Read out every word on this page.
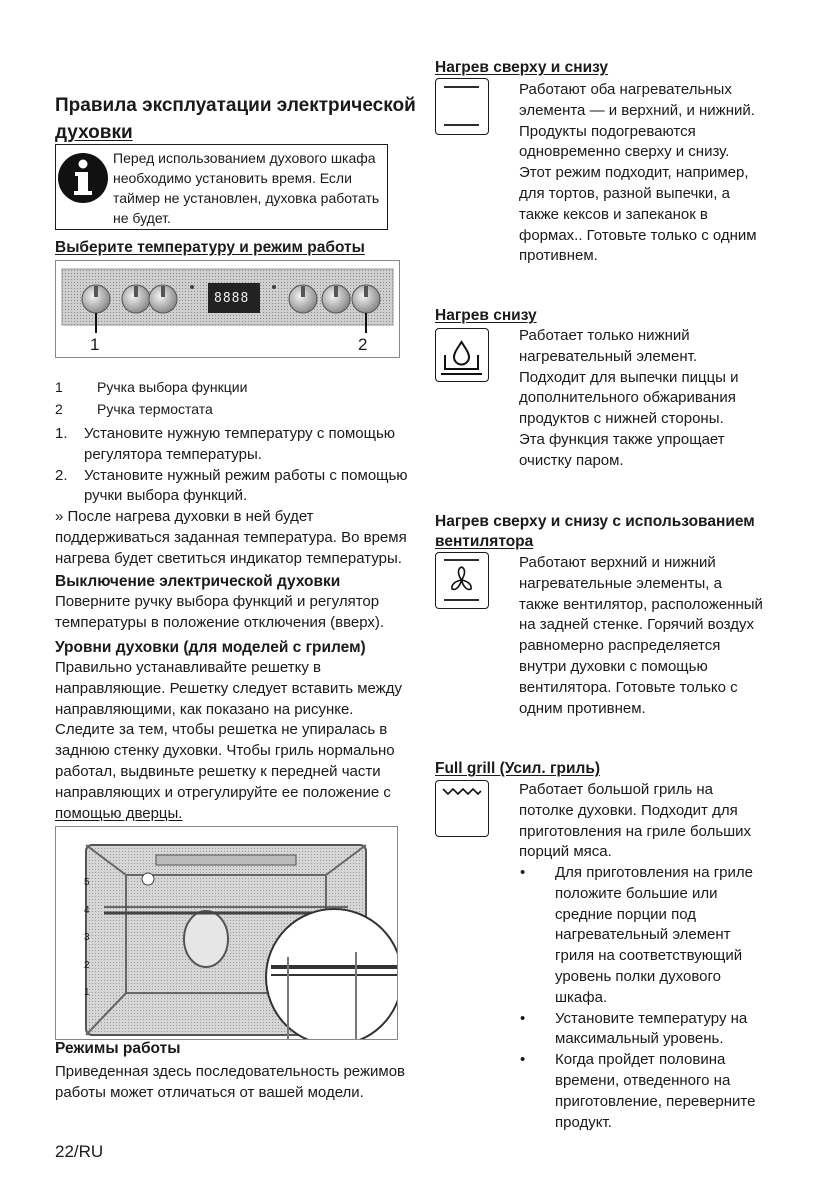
Правила эксплуатации электрической
духовки
Перед использованием духового шкафа
необходимо установить время. Если
таймер не установлен, духовка работать
не будет.
Выберите температуру и режим работы
8888
1	2
1 Ручка выбора функции
2 Ручка термостата
1. Установите нужную температуру с помощью
регулятора температуры.
2. Установите нужный режим работы с помощью
ручки выбора функций.
» После нагрева духовки в ней будет
поддерживаться заданная температура. Во время
нагрева будет светиться индикатор температуры.
Выключение электрической духовки
Поверните ручку выбора функций и регулятор
температуры в положение отключения (вверх).
Уровни духовки (для моделей с грилем)
Правильно устанавливайте решетку в
направляющие. Решетку следует вставить между
направляющими, как показано на рисунке.
Следите за тем, чтобы решетка не упиралась в
заднюю стенку духовки. Чтобы гриль нормально
работал, выдвиньте решетку к передней части
направляющих и отрегулируйте ее положение с
помощью дверцы.
5
4
3
2
1
Режимы работы
Приведенная здесь последовательность режимов
работы может отличаться от вашей модели.
22/RU
Нагрев сверху и снизу
Работают оба нагревательных
элемента — и верхний, и нижний.
Продукты подогреваются
одновременно сверху и снизу.
Этот режим подходит, например,
для тортов, разной выпечки, а
также кексов и запеканок в
формах.. Готовьте только с одним
противнем.
Нагрев снизу
Работает только нижний
нагревательный элемент.
Подходит для выпечки пиццы и
дополнительного обжаривания
продуктов с нижней стороны.
Эта функция также упрощает
очистку паром.
Нагрев сверху и снизу с использованием
вентилятора
Работают верхний и нижний
нагревательные элементы, а
также вентилятор, расположенный
на задней стенке. Горячий воздух
равномерно распределяется
внутри духовки с помощью
вентилятора. Готовьте только с
одним противнем.
Full grill (Усил. гриль)
Работает большой гриль на
потолке духовки. Подходит для
приготовления на гриле больших
порций мяса.
• Для приготовления на гриле
положите большие или
средние порции под
нагревательный элемент
гриля на соответствующий
уровень полки духового
шкафа.
• Установите температуру на
максимальный уровень.
• Когда пройдет половина
времени, отведенного на
приготовление, переверните
продукт.
